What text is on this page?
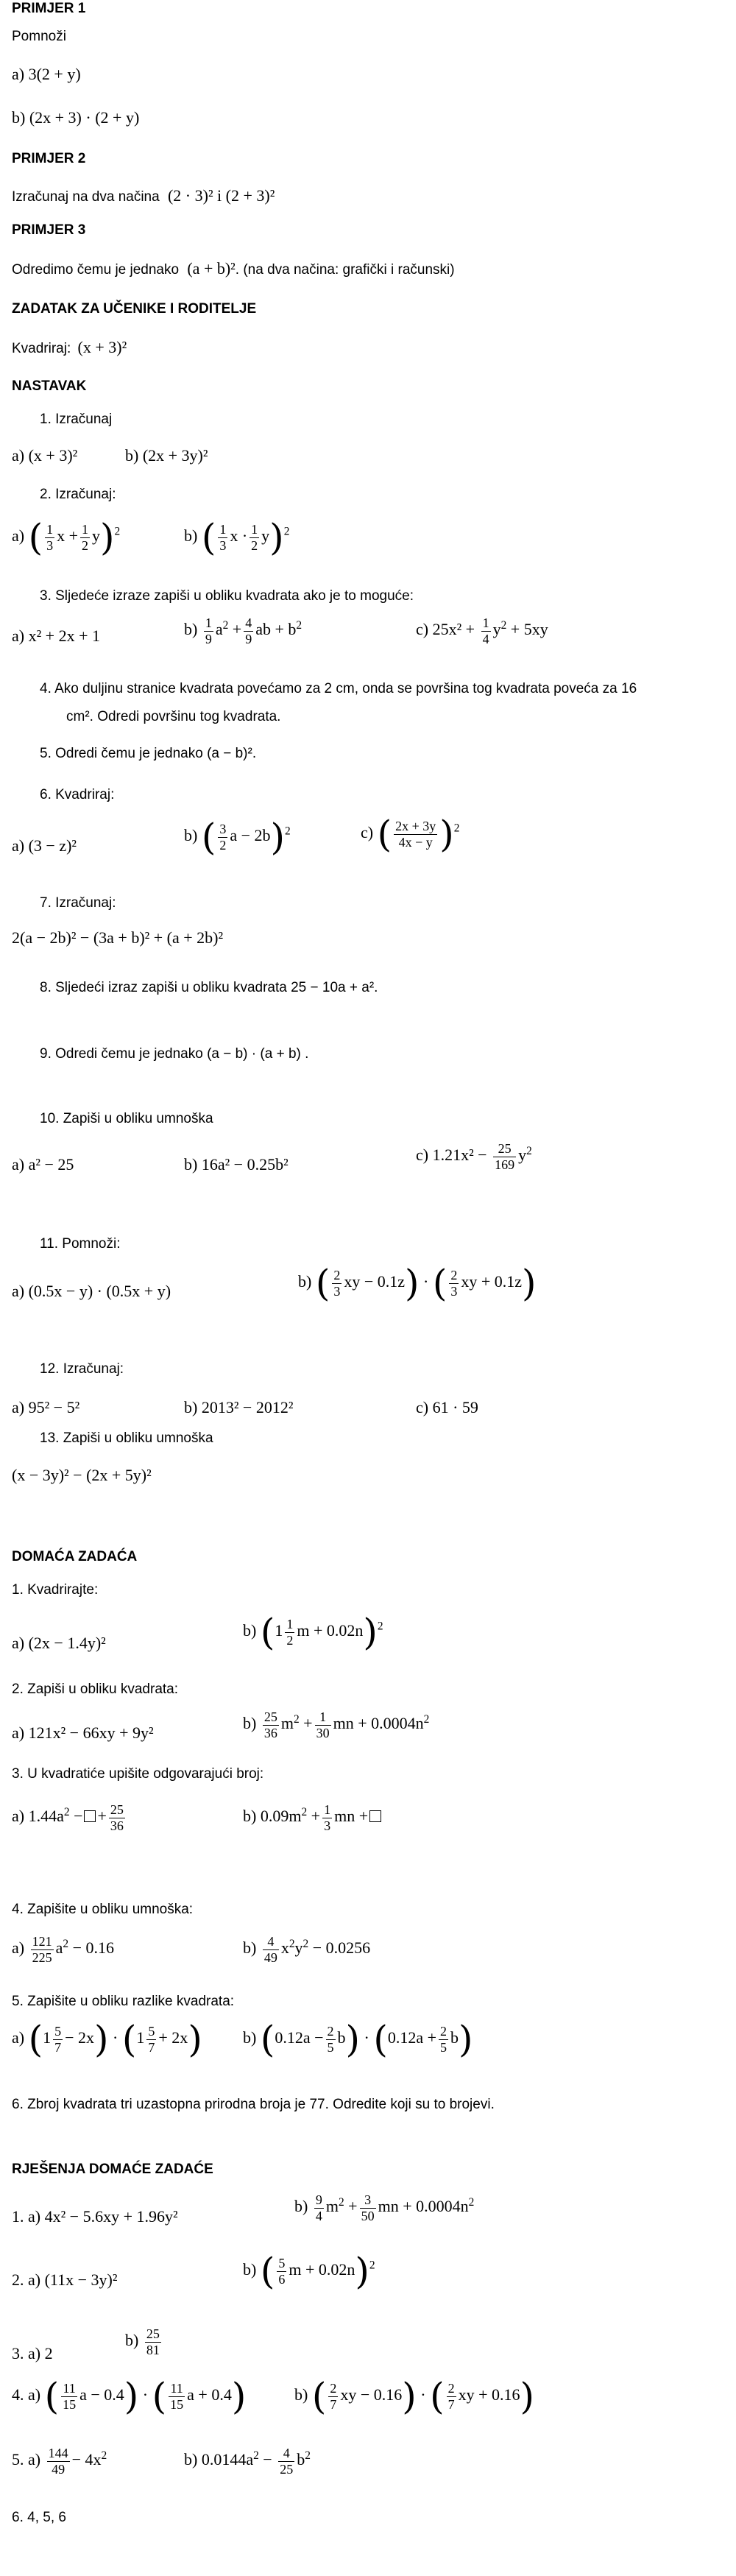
PRIMJER 1
Pomnoži
a) 3(2 + y)
b) (2x + 3) · (2 + y)
PRIMJER 2
Izračunaj na dva načina (2 · 3)² i (2 + 3)²
PRIMJER 3
Odredimo čemu je jednako (a + b)². (na dva načina: grafički i računski)
ZADATAK ZA UČENIKE I RODITELJE
Kvadriraj: (x + 3)²
NASTAVAK
1. Izračunaj
a) (x + 3)²	b) (2x + 3y)²
2. Izračunaj:
a) ( $\frac{1}{3}$ $x + \frac{1}{2} y)^2$	b) ( $\frac{1}{3}$ $x \cdot \frac{1}{2} y)^2$
3. Sljedeće izraze zapiši u obliku kvadrata ako je to moguće:
a) x² + 2x + 1	$b) \frac{1}{9} a^2 + \frac{4}{9}$ ab + $b^2$	c) $25x^2 + \frac{1}{4} y^2 + 5xy$
4. Ako duljinu stranice kvadrata povećamo za 2 cm, onda se površina tog kvadrata poveća za 16
cm². Odredi površinu tog kvadrata.
5. Odredi čemu je jednako (a − b)².
6. Kvadriraj:
a) (3 − z)²
b) ( $\frac{3}{2}$ a − 2b)$^2$	c) ( $\frac{2x + 3y}{4x - y} )^2$
7. Izračunaj:
2(a − 2b)² − (3a + b)² + (a + 2b)²
8. Sljedeći izraz zapiši u obliku kvadrata 25 − 10a + a².
9. Odredi čemu je jednako (a − b) · (a + b) .
10. Zapiši u obliku umnoška
a) a² − 25	b) 16a² − 0.25b²
c) $1.21x^2 - \frac{25}{169} y^2$
11. Pomnoži:
a) (0.5x − y) · (0.5x + y)
b) ( $\frac{2}{3}$ xy − 0.1z) · ( $\frac{2}{3}$ xy + 0.1z)
12. Izračunaj:
a) 95² − 5²	b) 2013² − 2012²	c) 61 · 59
13. Zapiši u obliku umnoška
(x − 3y)² − (2x + 5y)²
DOMAĆA ZADAĆA
1. Kvadrirajte:
a) (2x − 1.4y)²
b) ($1 \frac{1}{2}$ $m + 0.02n)^2$
2. Zapiši u obliku kvadrata:
a) 121x² − 66xy + 9y²
$b) \frac{25}{36} m^2 + \frac{1}{30}$ mn + $0.0004n^2$
3. U kvadratiće upišite odgovarajući broj:
a) $1.44a^2$ − + $\frac{25}{36}$	b) $0.09m^2 + \frac{1}{3}$ mn +
4. Zapišite u obliku umnoška:
$a) \frac{121}{225} a^2 - 0.16$	$b) \frac{4}{49} x^2y^2 - 0.0256$
5. Zapišite u obliku razlike kvadrata:
a) $(1 \frac{5}{7} - 2x) \cdot (1 \frac{5}{7} + 2x)$	b) $(0.12a - \frac{2}{5} b) \cdot (0.12a + \frac{2}{5} b)$
6. Zbroj kvadrata tri uzastopna prirodna broja je 77. Odredite koji su to brojevi.
RJEŠENJA DOMAĆE ZADAĆE
1. a) 4x² − 5.6xy + 1.96y²
$b) \frac{9}{4} m^2 + \frac{3}{50}$ mn + $0.0004n^2$
2. a) (11x − 3y)²
b) ( $\frac{5}{6}$ m + 0.02n)$^2$
3. a) 2
$b) \frac{25}{81}$
4. a) ( $\frac{11}{15}$ a − 0.4) · ( $\frac{11}{15}$ a + 0.4)	b) ( $\frac{2}{7}$ xy − 0.16) · ( $\frac{2}{7}$ xy + 0.16)
5. $a) \frac{144}{49} - 4x^2$	b) $0.0144a^2 - \frac{4}{25} b^2$
6. 4, 5, 6
